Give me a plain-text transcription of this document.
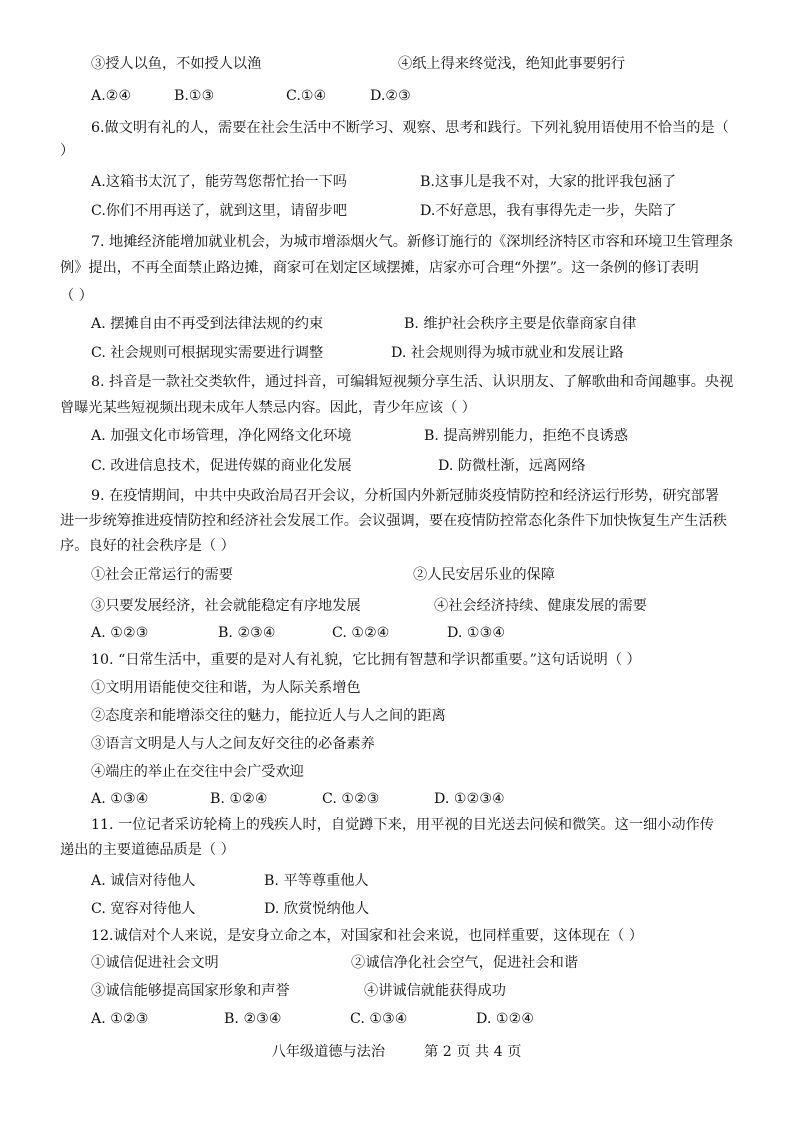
③授人以鱼，不如授人以渔	④纸上得来终觉浅，绝知此事要躬行
A.②④	B.①③	C.①④	D.②③
6.做文明有礼的人，需要在社会生活中不断学习、观察、思考和践行。下列礼貌用语使用不恰当的是（
）
A.这箱书太沉了，能劳驾您帮忙抬一下吗	B.这事儿是我不对，大家的批评我包涵了
C.你们不用再送了，就到这里，请留步吧	D.不好意思，我有事得先走一步，失陪了
7. 地摊经济能增加就业机会，为城市增添烟火气。新修订施行的《深圳经济特区市容和环境卫生管理条
例》提出，不再全面禁止路边摊，商家可在划定区域摆摊，店家亦可合理“外摆”。这一条例的修订表明
（ ）
A. 摆摊自由不再受到法律法规的约束	B. 维护社会秩序主要是依靠商家自律
C. 社会规则可根据现实需要进行调整	D. 社会规则得为城市就业和发展让路
8. 抖音是一款社交类软件，通过抖音，可编辑短视频分享生活、认识朋友、了解歌曲和奇闻趣事。央视
曾曝光某些短视频出现未成年人禁忌内容。因此，青少年应该（ ）
A. 加强文化市场管理，净化网络文化环境	B. 提高辨别能力，拒绝不良诱惑
C. 改进信息技术，促进传媒的商业化发展	D. 防微杜渐，远离网络
9. 在疫情期间，中共中央政治局召开会议，分析国内外新冠肺炎疫情防控和经济运行形势，研究部署
进一步统筹推进疫情防控和经济社会发展工作。会议强调，要在疫情防控常态化条件下加快恢复生产生活秩
序。良好的社会秩序是（ ）
①社会正常运行的需要	②人民安居乐业的保障
③只要发展经济，社会就能稳定有序地发展	④社会经济持续、健康发展的需要
A. ①②③	B. ②③④	C. ①②④	D. ①③④
10. “日常生活中，重要的是对人有礼貌，它比拥有智慧和学识都重要。”这句话说明（ ）
①文明用语能使交往和谐，为人际关系增色
②态度亲和能增添交往的魅力，能拉近人与人之间的距离
③语言文明是人与人之间友好交往的必备素养
④端庄的举止在交往中会广受欢迎
A. ①③④	B. ①②④	C. ①②③	D. ①②③④
11. 一位记者采访轮椅上的残疾人时，自觉蹲下来，用平视的目光送去问候和微笑。这一细小动作传
递出的主要道德品质是（ ）
A. 诚信对待他人	B. 平等尊重他人
C. 宽容对待他人	D. 欣赏悦纳他人
12.诚信对个人来说，是安身立命之本，对国家和社会来说，也同样重要，这体现在（ ）
①诚信促进社会文明	②诚信净化社会空气，促进社会和谐
③诚信能够提高国家形象和声誉	④讲诚信就能获得成功
A. ①②③	B. ②③④	C. ①③④	D. ①②④
八年级道德与法治	第 2 页 共 4 页
